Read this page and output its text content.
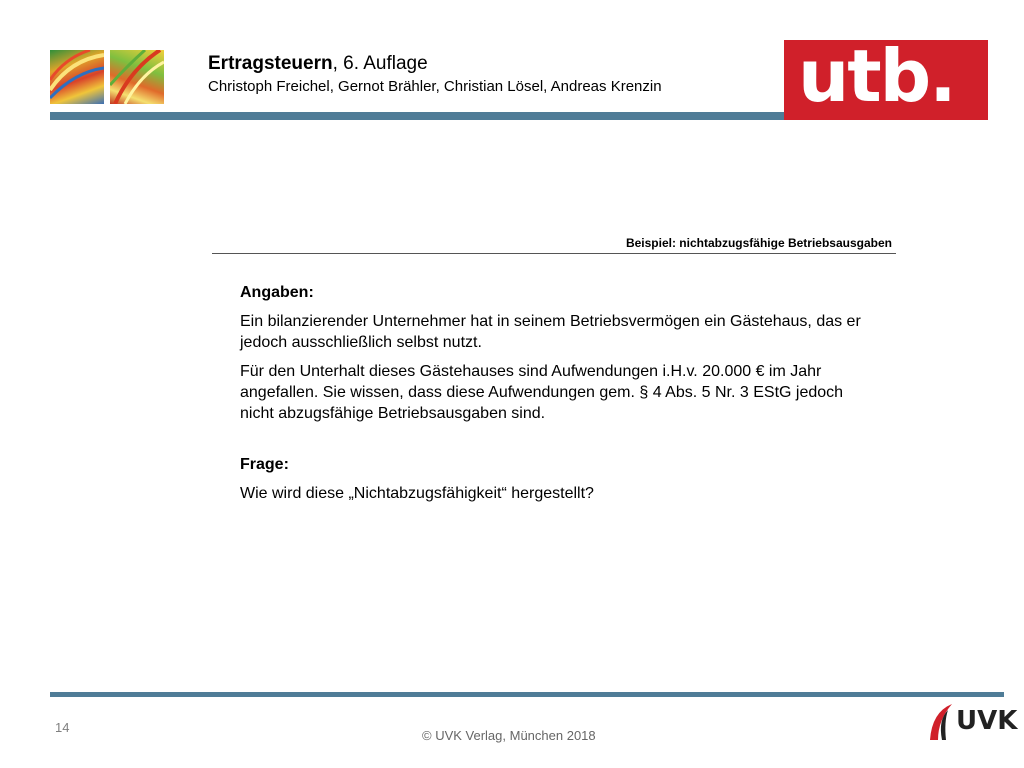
Ertragsteuern, 6. Auflage
Christoph Freichel, Gernot Brähler, Christian Lösel, Andreas Krenzin utb.
Beispiel: nichtabzugsfähige Betriebsausgaben
Angaben:

Ein bilanzierender Unternehmer hat in seinem Betriebsvermögen ein Gästehaus, das er jedoch ausschließlich selbst nutzt.

Für den Unterhalt dieses Gästehauses sind Aufwendungen i.H.v. 20.000 € im Jahr angefallen. Sie wissen, dass diese Aufwendungen gem. § 4 Abs. 5 Nr. 3 EStG jedoch nicht abzugsfähige Betriebsausgaben sind.

Frage:

Wie wird diese „Nichtabzugsfähigkeit“ hergestellt?

14
© UVK Verlag, München 2018	UVK
